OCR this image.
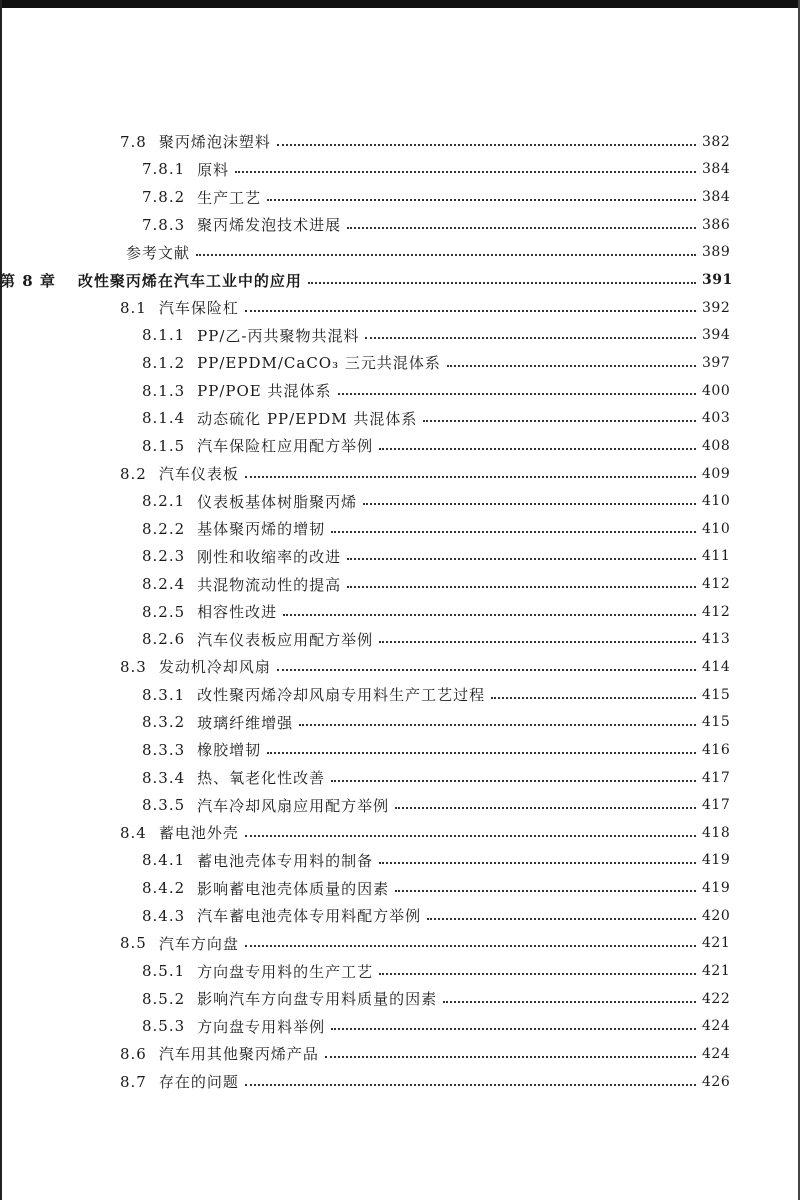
7.8 聚丙烯泡沫塑料	382
7.8.1 原料	384
7.8.2 生产工艺	384
7.8.3 聚丙烯发泡技术进展	386
参考文献	389
第 8 章 改性聚丙烯在汽车工业中的应用	391
8.1 汽车保险杠	392
8.1.1 PP/乙-丙共聚物共混料	394
8.1.2 PP/EPDM/CaCO₃ 三元共混体系	397
8.1.3 PP/POE 共混体系	400
8.1.4 动态硫化 PP/EPDM 共混体系	403
8.1.5 汽车保险杠应用配方举例	408
8.2 汽车仪表板	409
8.2.1 仪表板基体树脂聚丙烯	410
8.2.2 基体聚丙烯的增韧	410
8.2.3 刚性和收缩率的改进	411
8.2.4 共混物流动性的提高	412
8.2.5 相容性改进	412
8.2.6 汽车仪表板应用配方举例	413
8.3 发动机冷却风扇	414
8.3.1 改性聚丙烯冷却风扇专用料生产工艺过程	415
8.3.2 玻璃纤维增强	415
8.3.3 橡胶增韧	416
8.3.4 热、氧老化性改善	417
8.3.5 汽车冷却风扇应用配方举例	417
8.4 蓄电池外壳	418
8.4.1 蓄电池壳体专用料的制备	419
8.4.2 影响蓄电池壳体质量的因素	419
8.4.3 汽车蓄电池壳体专用料配方举例	420
8.5 汽车方向盘	421
8.5.1 方向盘专用料的生产工艺	421
8.5.2 影响汽车方向盘专用料质量的因素	422
8.5.3 方向盘专用料举例	424
8.6 汽车用其他聚丙烯产品	424
8.7 存在的问题	426
